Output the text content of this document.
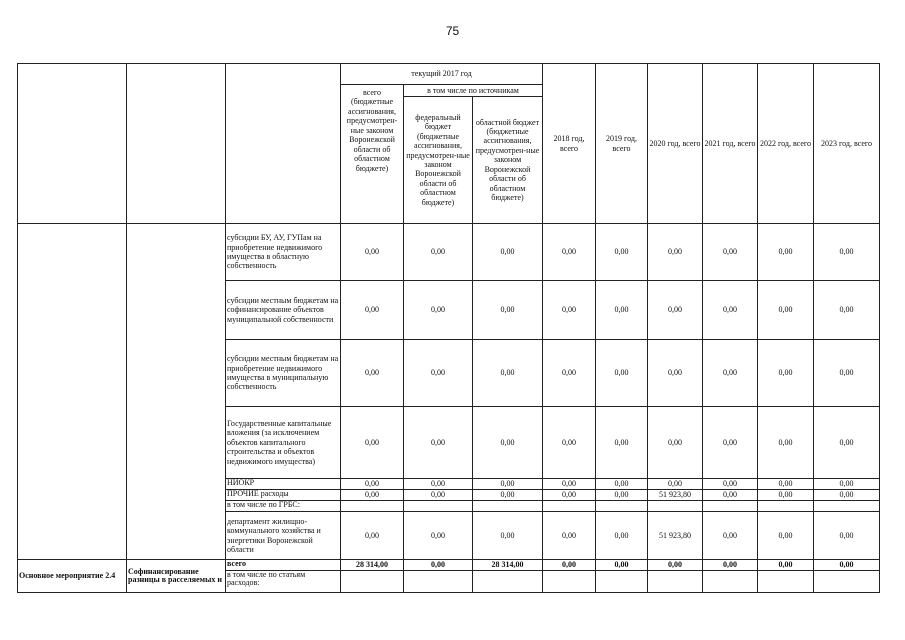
75
			текущий 2017 год			2018 год, всего	2019 год, всего	2020 год, всего	2021 год, всего	2022 год, всего	2023 год, всего
			всего (бюджетные ассигнования, предусмотрен-ные законом Воронежской области об областном бюджете)	в том числе по источникам							
				федеральный бюджет (бюджетные ассигнования, предусмотрен-ные законом Воронежской области об областном бюджете)	областной бюджет (бюджетные ассигнования, предусмотрен-ные законом Воронежской области об областном бюджете)						
		субсидии БУ, АУ, ГУПам на приобретение недвижимого имущества в областную собственность	0,00	0,00	0,00	0,00	0,00	0,00	0,00	0,00	0,00
		субсидии местным бюджетам на софинансирование объектов муниципальной собственности	0,00	0,00	0,00	0,00	0,00	0,00	0,00	0,00	0,00
		субсидии местным бюджетам на приобретение недвижимого имущества в муниципальную собственность	0,00	0,00	0,00	0,00	0,00	0,00	0,00	0,00	0,00
		Государственные капитальные вложения (за исключением объектов капитального строительства и объектов недвижимого имущества)	0,00	0,00	0,00	0,00	0,00	0,00	0,00	0,00	0,00
		НИОКР	0,00	0,00	0,00	0,00	0,00	0,00	0,00	0,00	0,00
		ПРОЧИЕ расходы	0,00	0,00	0,00	0,00	0,00	51 923,80	0,00	0,00	0,00
		в том числе по ГРБС:									
		департамент жилищно-коммунального хозяйства и энергетики Воронежской области	0,00	0,00	0,00	0,00	0,00	51 923,80	0,00	0,00	0,00
Основное мероприятие 2.4	Софинансирование разницы в расселяемых и	всего	28 314,00	0,00	28 314,00	0,00	0,00	0,00	0,00	0,00	0,00
		в том числе по статьям расходов:									
